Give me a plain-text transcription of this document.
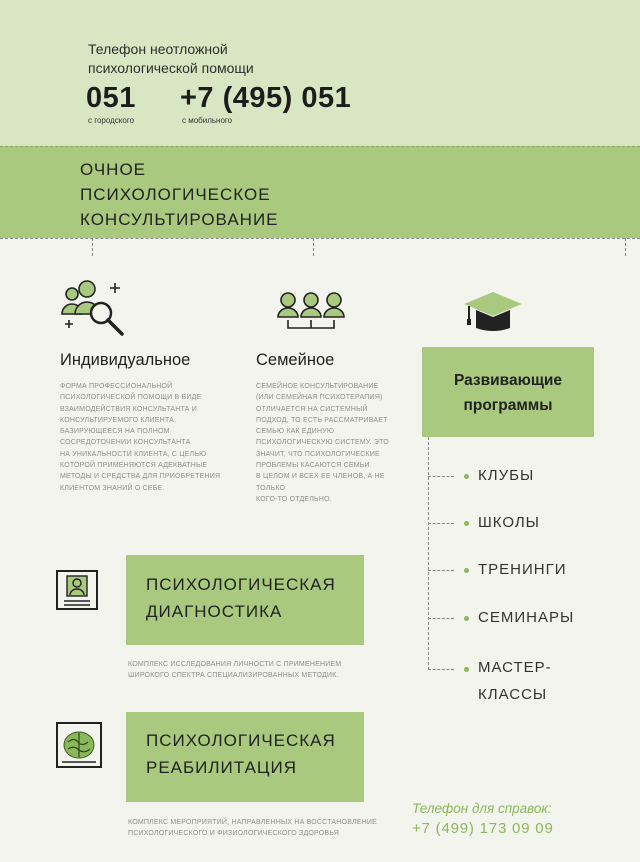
Телефон неотложной
психологической помощи
051 +7 (495) 051
с городского	с мобильного
ОЧНОЕ
ПСИХОЛОГИЧЕСКОЕ
КОНСУЛЬТИРОВАНИЕ
Индивидуальное
ФОРМА ПРОФЕССИОНАЛЬНОЙ
ПСИХОЛОГИЧЕСКОЙ ПОМОЩИ В ВИДЕ
ВЗАИМОДЕЙСТВИЯ КОНСУЛЬТАНТА И
КОНСУЛЬТИРУЕМОГО КЛИЕНТА,
БАЗИРУЮЩЕЕСЯ НА ПОЛНОМ
СОСРЕДОТОЧЕНИИ КОНСУЛЬТАНТА
НА УНИКАЛЬНОСТИ КЛИЕНТА, С ЦЕЛЬЮ
КОТОРОЙ ПРИМЕНЯЮТСЯ АДЕКВАТНЫЕ
МЕТОДЫ И СРЕДСТВА ДЛЯ ПРИОБРЕТЕНИЯ
КЛИЕНТОМ ЗНАНИЙ О СЕБЕ.
Семейное
СЕМЕЙНОЕ КОНСУЛЬТИРОВАНИЕ
(ИЛИ СЕМЕЙНАЯ ПСИХОТЕРАПИЯ)
ОТЛИЧАЕТСЯ НА СИСТЕМНЫЙ
ПОДХОД, ТО ЕСТЬ РАССМАТРИВАЕТ
СЕМЬЮ КАК ЕДИНУЮ
ПСИХОЛОГИЧЕСКУЮ СИСТЕМУ. ЭТО
ЗНАЧИТ, ЧТО ПСИХОЛОГИЧЕСКИЕ
ПРОБЛЕМЫ КАСАЮТСЯ СЕМЬИ
В ЦЕЛОМ И ВСЕХ ЕЕ ЧЛЕНОВ, А НЕ ТОЛЬКО
КОГО-ТО ОТДЕЛЬНО.
Развивающие
программы
КЛУБЫ
ШКОЛЫ
ТРЕНИНГИ
СЕМИНАРЫ
МАСТЕР-
КЛАССЫ
ПСИХОЛОГИЧЕСКАЯ
ДИАГНОСТИКА
КОМПЛЕКС ИССЛЕДОВАНИЯ ЛИЧНОСТИ С ПРИМЕНЕНИЕМ
ШИРОКОГО СПЕКТРА СПЕЦИАЛИЗИРОВАННЫХ МЕТОДИК.
ПСИХОЛОГИЧЕСКАЯ
РЕАБИЛИТАЦИЯ
КОМПЛЕКС МЕРОПРИЯТИЙ, НАПРАВЛЕННЫХ НА ВОССТАНОВЛЕНИЕ
ПСИХОЛОГИЧЕСКОГО И ФИЗИОЛОГИЧЕСКОГО ЗДОРОВЬЯ
Телефон для справок:
+7 (499) 173 09 09
